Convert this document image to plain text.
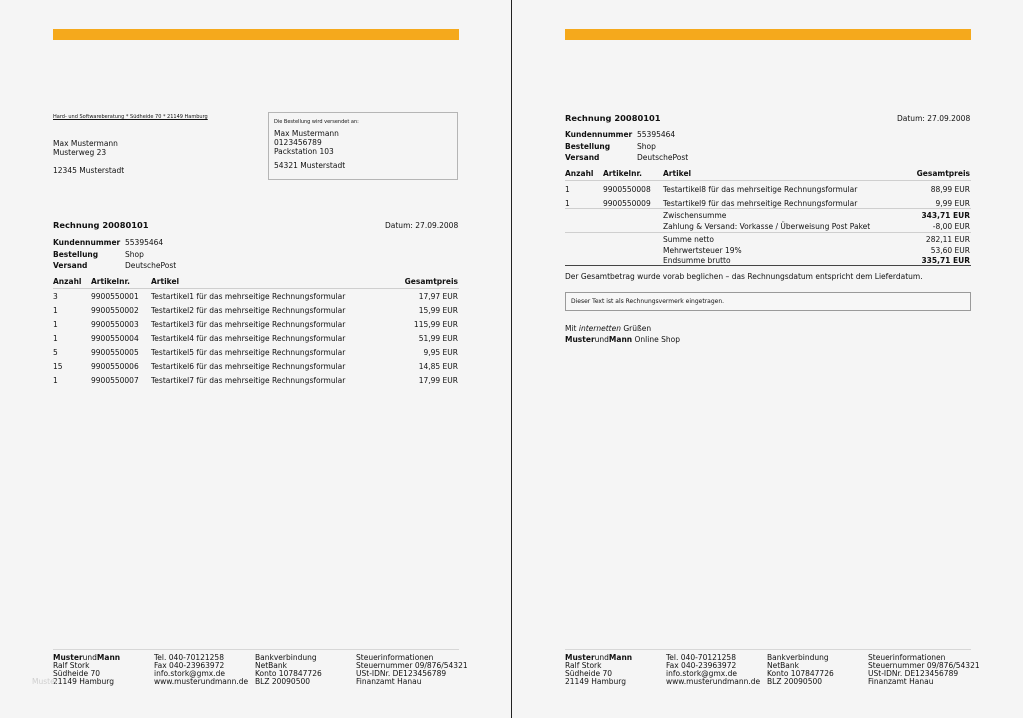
Hard- und Softwareberatung * Südheide 70 * 21149 Hamburg
Max Mustermann
Musterweg 23
12345 Musterstadt
Die Bestellung wird versendet an:
Max Mustermann
0123456789
Packstation 103
54321 Musterstadt
Rechnung 20080101	Datum: 27.09.2008
Kundennummer 55395464
Bestellung	Shop
Versand	DeutschePost
Anzahl Artikelnr.	Artikel	Gesamtpreis
3	9900550001 Testartikel1 für das mehrseitige Rechnungsformular	17,97 EUR
1	9900550002 Testartikel2 für das mehrseitige Rechnungsformular	15,99 EUR
1	9900550003 Testartikel3 für das mehrseitige Rechnungsformular	115,99 EUR
1	9900550004 Testartikel4 für das mehrseitige Rechnungsformular	51,99 EUR
5	9900550005 Testartikel5 für das mehrseitige Rechnungsformular	9,95 EUR
15	9900550006 Testartikel6 für das mehrseitige Rechnungsformular	14,85 EUR
1	9900550007 Testartikel7 für das mehrseitige Rechnungsformular	17,99 EUR
MusterundMann
Ralf Stork
Südheide 70
21149 Hamburg
Tel. 040-70121258
Fax 040-23963972
info.stork@gmx.de
www.musterundmann.de
Bankverbindung
NetBank
Konto 107847726
BLZ 20090500
Steuerinformationen
Steuernummer 09/876/54321
USt-IDNr. DE123456789
Finanzamt Hanau
Muster
Rechnung 20080101	Datum: 27.09.2008
Kundennummer 55395464
Bestellung	Shop
Versand	DeutschePost
Anzahl Artikelnr.	Artikel	Gesamtpreis
1	9900550008 Testartikel8 für das mehrseitige Rechnungsformular	88,99 EUR
1	9900550009 Testartikel9 für das mehrseitige Rechnungsformular	9,99 EUR
Zwischensumme	343,71 EUR
Zahlung & Versand: Vorkasse / Überweisung Post Paket	-8,00 EUR
Summe netto	282,11 EUR
Mehrwertsteuer 19%	53,60 EUR
Endsumme brutto	335,71 EUR
Der Gesamtbetrag wurde vorab beglichen – das Rechnungsdatum entspricht dem Lieferdatum.
Dieser Text ist als Rechnungsvermerk eingetragen.
Mit internetten Grüßen
MusterundMann Online Shop
MusterundMann
Ralf Stork
Südheide 70
21149 Hamburg
Tel. 040-70121258
Fax 040-23963972
info.stork@gmx.de
www.musterundmann.de
Bankverbindung
NetBank
Konto 107847726
BLZ 20090500
Steuerinformationen
Steuernummer 09/876/54321
USt-IDNr. DE123456789
Finanzamt Hanau
